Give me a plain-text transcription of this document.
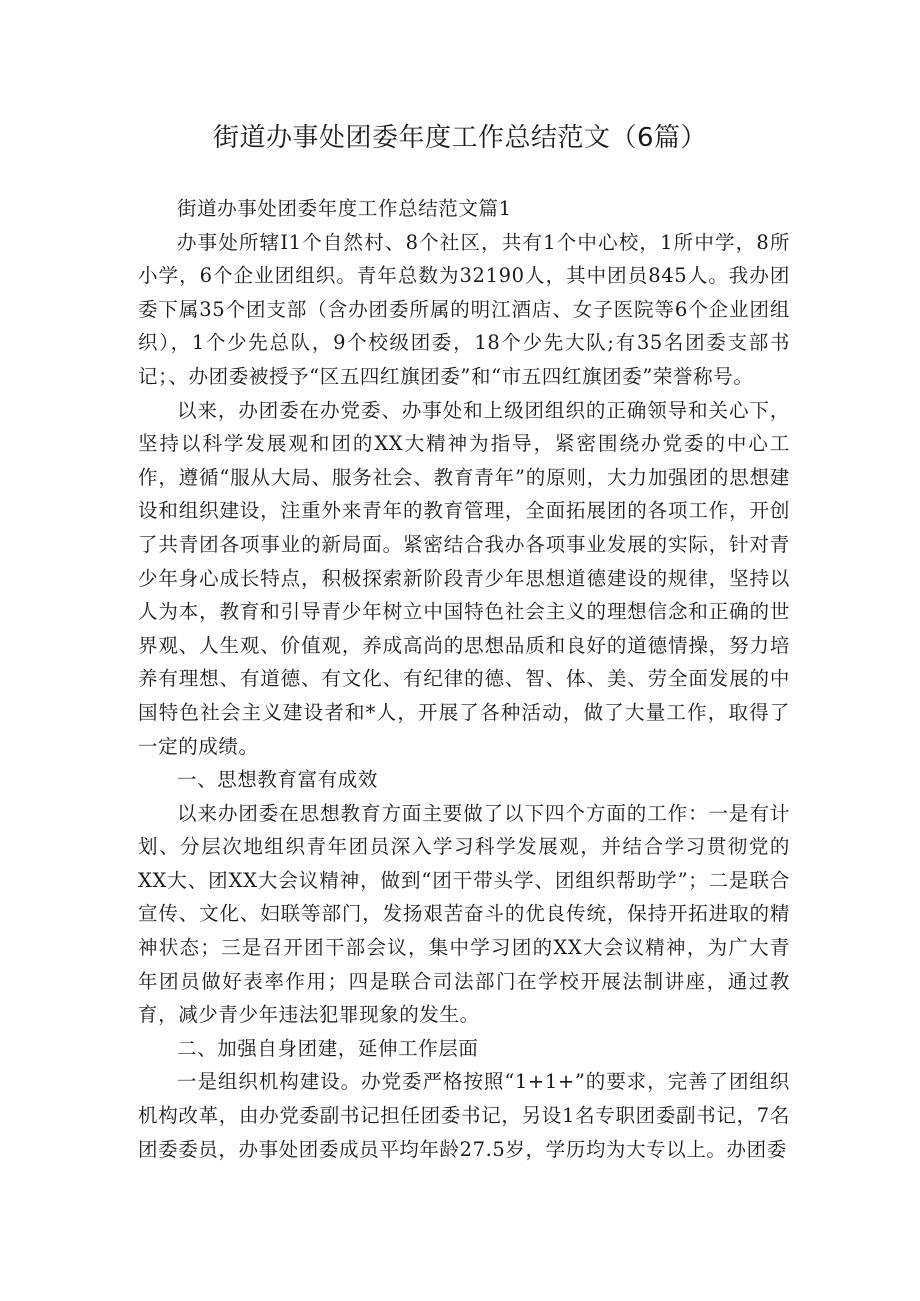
街道办事处团委年度工作总结范文（6篇）

街道办事处团委年度工作总结范文篇1

办事处所辖I1个自然村、8个社区，共有1个中心校，1所中学，8所小学，6个企业团组织。青年总数为32190人，其中团员845人。我办团委下属35个团支部（含办团委所属的明江酒店、女子医院等6个企业团组织），1个少先总队，9个校级团委，18个少先大队;有35名团委支部书记；、办团委被授予“区五四红旗团委”和“市五四红旗团委”荣誉称号。

以来，办团委在办党委、办事处和上级团组织的正确领导和关心下，坚持以科学发展观和团的XX大精神为指导，紧密围绕办党委的中心工作，遵循“服从大局、服务社会、教育青年”的原则，大力加强团的思想建设和组织建设，注重外来青年的教育管理，全面拓展团的各项工作，开创了共青团各项事业的新局面。紧密结合我办各项事业发展的实际，针对青少年身心成长特点，积极探索新阶段青少年思想道德建设的规律，坚持以人为本，教育和引导青少年树立中国特色社会主义的理想信念和正确的世界观、人生观、价值观，养成高尚的思想品质和良好的道德情操，努力培养有理想、有道德、有文化、有纪律的德、智、体、美、劳全面发展的中国特色社会主义建设者和*人，开展了各种活动，做了大量工作，取得了一定的成绩。

一、思想教育富有成效

以来办团委在思想教育方面主要做了以下四个方面的工作：一是有计划、分层次地组织青年团员深入学习科学发展观，并结合学习贯彻党的XX大、团XX大会议精神，做到“团干带头学、团组织帮助学”；二是联合宣传、文化、妇联等部门，发扬艰苦奋斗的优良传统，保持开拓进取的精神状态；三是召开团干部会议，集中学习团的XX大会议精神，为广大青年团员做好表率作用；四是联合司法部门在学校开展法制讲座，通过教育，减少青少年违法犯罪现象的发生。

二、加强自身团建，延伸工作层面

一是组织机构建设。办党委严格按照“1+1+”的要求，完善了团组织机构改革，由办党委副书记担任团委书记，另设1名专职团委副书记，7名团委委员，办事处团委成员平均年龄27.5岁，学历均为大专以上。办团委
